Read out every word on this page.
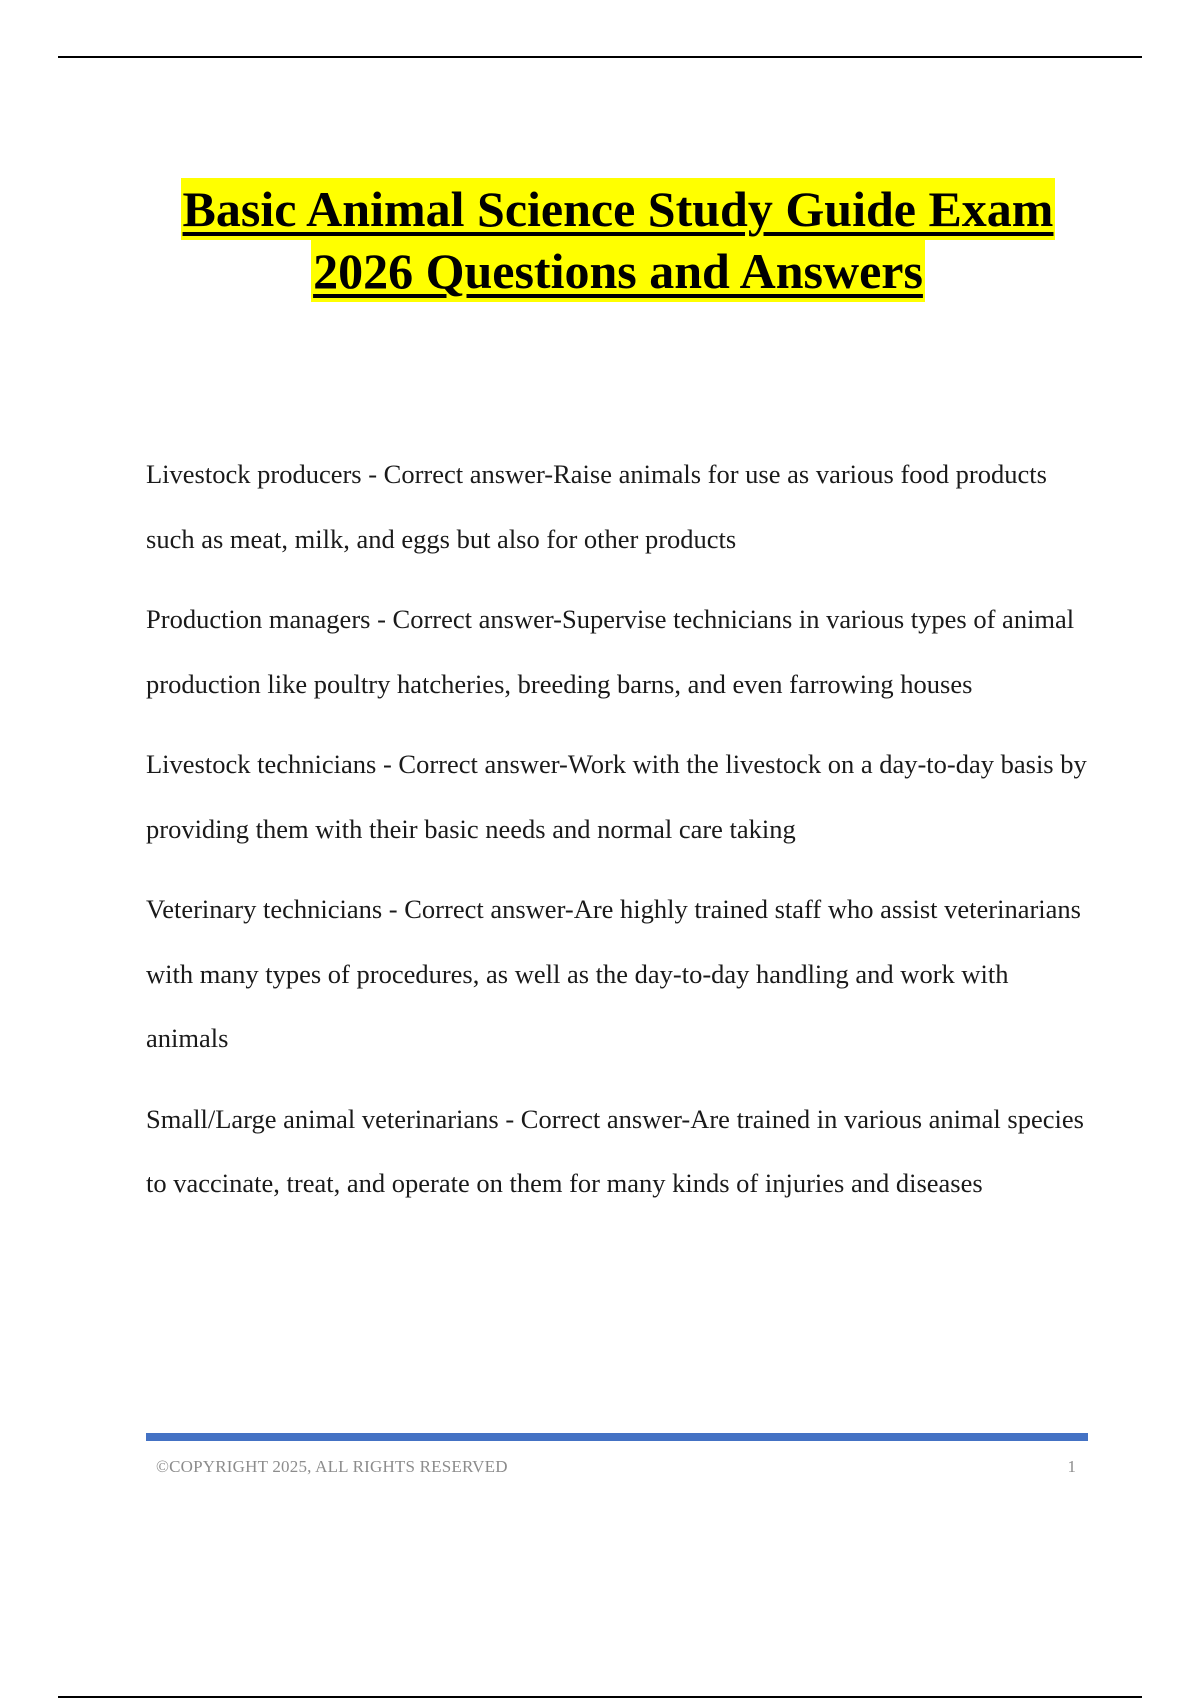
Basic Animal Science Study Guide Exam
2026 Questions and Answers

Livestock producers - Correct answer-Raise animals for use as various food products such as meat, milk, and eggs but also for other products

Production managers - Correct answer-Supervise technicians in various types of animal production like poultry hatcheries, breeding barns, and even farrowing houses

Livestock technicians - Correct answer-Work with the livestock on a day-to-day basis by providing them with their basic needs and normal care taking

Veterinary technicians - Correct answer-Are highly trained staff who assist veterinarians with many types of procedures, as well as the day-to-day handling and work with animals

Small/Large animal veterinarians - Correct answer-Are trained in various animal species to vaccinate, treat, and operate on them for many kinds of injuries and diseases

©COPYRIGHT 2025, ALL RIGHTS RESERVED	1
